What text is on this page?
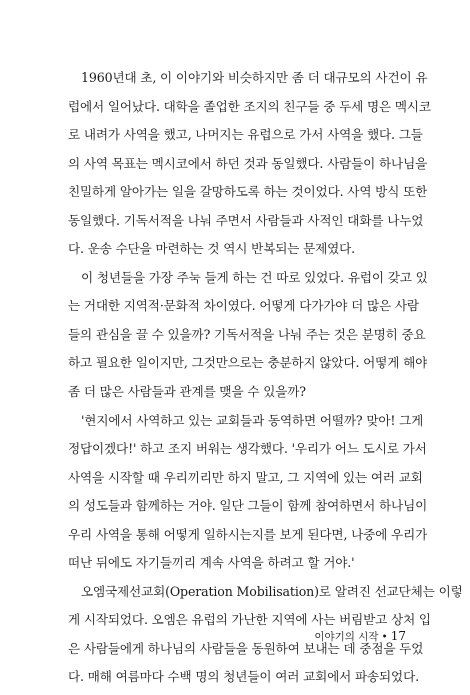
1960년대 초, 이 이야기와 비슷하지만 좀 더 대규모의 사건이 유
럽에서 일어났다. 대학을 졸업한 조지의 친구들 중 두세 명은 멕시코
로 내려가 사역을 했고, 나머지는 유럽으로 가서 사역을 했다. 그들
의 사역 목표는 멕시코에서 하던 것과 동일했다. 사람들이 하나님을
친밀하게 알아가는 일을 갈망하도록 하는 것이었다. 사역 방식 또한
동일했다. 기독서적을 나눠 주면서 사람들과 사적인 대화를 나누었
다. 운송 수단을 마련하는 것 역시 반복되는 문제였다.
이 청년들을 가장 주눅 들게 하는 건 따로 있었다. 유럽이 갖고 있
는 거대한 지역적·문화적 차이였다. 어떻게 다가가야 더 많은 사람
들의 관심을 끌 수 있을까? 기독서적을 나눠 주는 것은 분명히 중요
하고 필요한 일이지만, 그것만으로는 충분하지 않았다. 어떻게 해야
좀 더 많은 사람들과 관계를 맺을 수 있을까?
'현지에서 사역하고 있는 교회들과 동역하면 어떨까? 맞아! 그게
정답이겠다!' 하고 조지 버워는 생각했다. '우리가 어느 도시로 가서
사역을 시작할 때 우리끼리만 하지 말고, 그 지역에 있는 여러 교회
의 성도들과 함께하는 거야. 일단 그들이 함께 참여하면서 하나님이
우리 사역을 통해 어떻게 일하시는지를 보게 된다면, 나중에 우리가
떠난 뒤에도 자기들끼리 계속 사역을 하려고 할 거야.'
오엠국제선교회(Operation Mobilisation)로 알려진 선교단체는 이렇
게 시작되었다. 오엠은 유럽의 가난한 지역에 사는 버림받고 상처 입
은 사람들에게 하나님의 사람들을 동원하여 보내는 데 중점을 두었
다. 매해 여름마다 수백 명의 청년들이 여러 교회에서 파송되었다.
이야기의 시작 • 17
